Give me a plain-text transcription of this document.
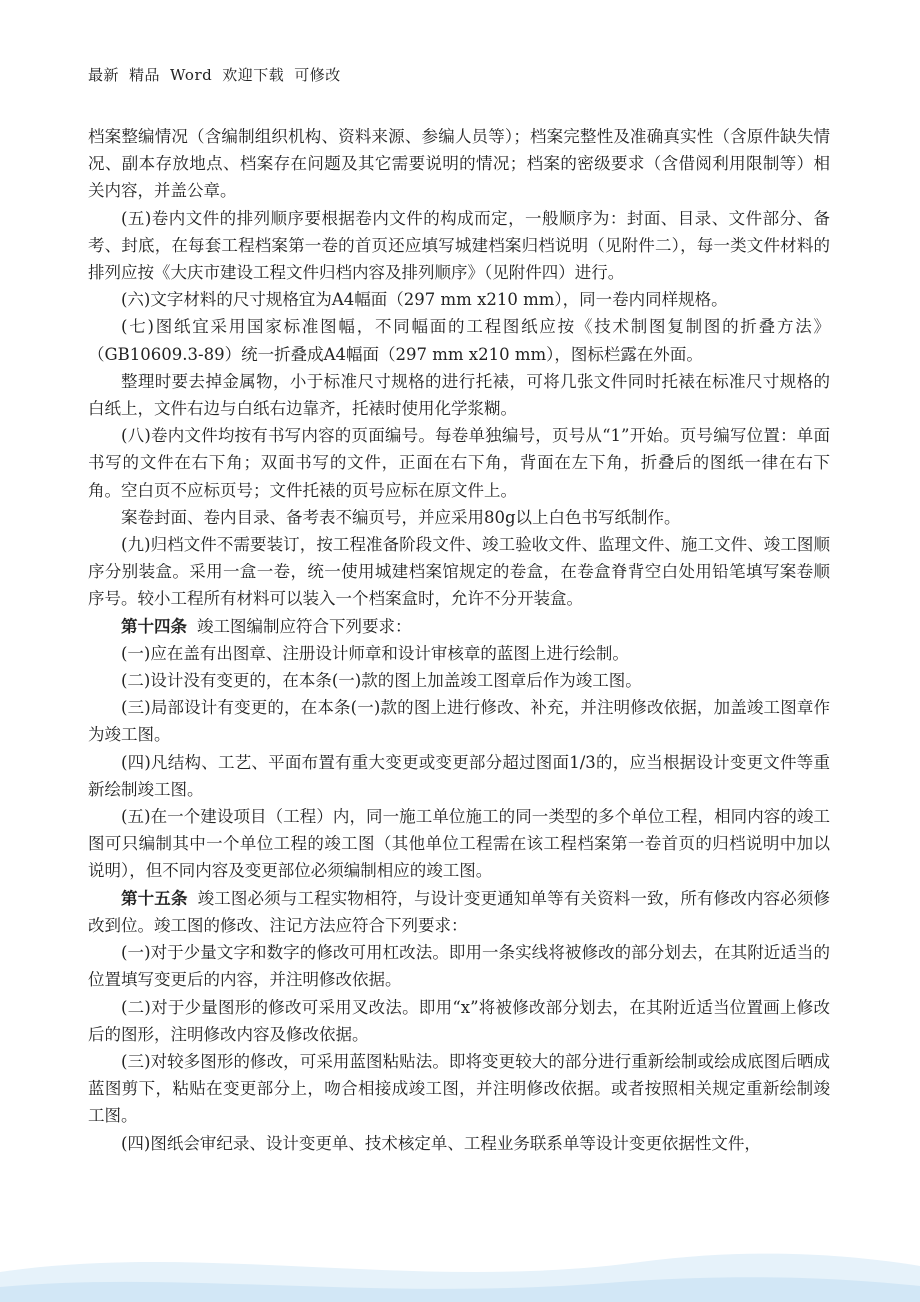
最新 精品 Word 欢迎下载 可修改

档案整编情况（含编制组织机构、资料来源、参编人员等）；档案完整性及准确真实性（含原件缺失情况、副本存放地点、档案存在问题及其它需要说明的情况；档案的密级要求（含借阅利用限制等）相关内容，并盖公章。

(五)卷内文件的排列顺序要根据卷内文件的构成而定，一般顺序为：封面、目录、文件部分、备考、封底，在每套工程档案第一卷的首页还应填写城建档案归档说明（见附件二），每一类文件材料的排列应按《大庆市建设工程文件归档内容及排列顺序》（见附件四）进行。

(六)文字材料的尺寸规格宜为A4幅面（297 mm x210 mm），同一卷内同样规格。

(七)图纸宜采用国家标准图幅，不同幅面的工程图纸应按《技术制图复制图的折叠方法》（GB10609.3-89）统一折叠成A4幅面（297 mm x210 mm），图标栏露在外面。

整理时要去掉金属物，小于标准尺寸规格的进行托裱，可将几张文件同时托裱在标准尺寸规格的白纸上，文件右边与白纸右边靠齐，托裱时使用化学浆糊。

(八)卷内文件均按有书写内容的页面编号。每卷单独编号，页号从“1”开始。页号编写位置：单面书写的文件在右下角；双面书写的文件，正面在右下角，背面在左下角，折叠后的图纸一律在右下角。空白页不应标页号；文件托裱的页号应标在原文件上。

案卷封面、卷内目录、备考表不编页号，并应采用80g以上白色书写纸制作。

(九)归档文件不需要装订，按工程准备阶段文件、竣工验收文件、监理文件、施工文件、竣工图顺序分别装盒。采用一盒一卷，统一使用城建档案馆规定的卷盒，在卷盒脊背空白处用铅笔填写案卷顺序号。较小工程所有材料可以装入一个档案盒时，允许不分开装盒。

第十四条 竣工图编制应符合下列要求：

(一)应在盖有出图章、注册设计师章和设计审核章的蓝图上进行绘制。

(二)设计没有变更的，在本条(一)款的图上加盖竣工图章后作为竣工图。

(三)局部设计有变更的，在本条(一)款的图上进行修改、补充，并注明修改依据，加盖竣工图章作为竣工图。

(四)凡结构、工艺、平面布置有重大变更或变更部分超过图面1/3的，应当根据设计变更文件等重新绘制竣工图。

(五)在一个建设项目（工程）内，同一施工单位施工的同一类型的多个单位工程，相同内容的竣工图可只编制其中一个单位工程的竣工图（其他单位工程需在该工程档案第一卷首页的归档说明中加以说明），但不同内容及变更部位必须编制相应的竣工图。

第十五条 竣工图必须与工程实物相符，与设计变更通知单等有关资料一致，所有修改内容必须修改到位。竣工图的修改、注记方法应符合下列要求：

(一)对于少量文字和数字的修改可用杠改法。即用一条实线将被修改的部分划去，在其附近适当的位置填写变更后的内容，并注明修改依据。

(二)对于少量图形的修改可采用叉改法。即用“x”将被修改部分划去，在其附近适当位置画上修改后的图形，注明修改内容及修改依据。

(三)对较多图形的修改，可采用蓝图粘贴法。即将变更较大的部分进行重新绘制或绘成底图后晒成蓝图剪下，粘贴在变更部分上，吻合相接成竣工图，并注明修改依据。或者按照相关规定重新绘制竣工图。

(四)图纸会审纪录、设计变更单、技术核定单、工程业务联系单等设计变更依据性文件，
